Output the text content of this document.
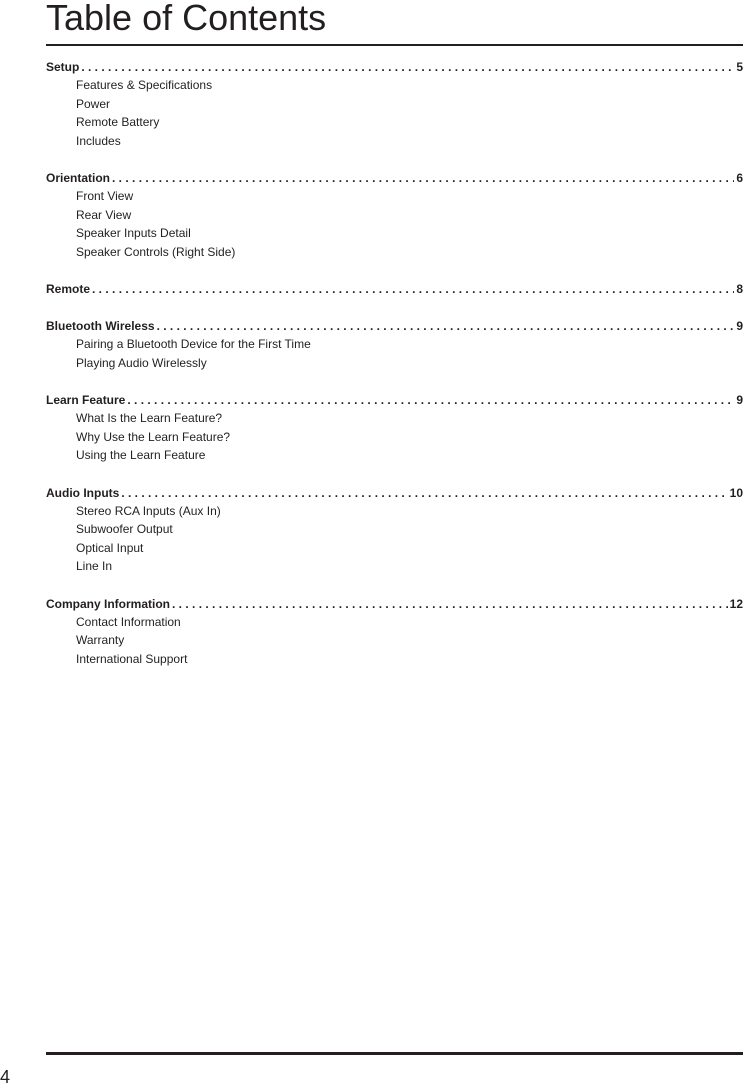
Table of Contents
Setup . . .	5
Features & Specifications
Power
Remote Battery
Includes
Orientation . . .	6
Front View
Rear View
Speaker Inputs Detail
Speaker Controls (Right Side)
Remote . . .	8
Bluetooth Wireless . . .	9
Pairing a Bluetooth Device for the First Time
Playing Audio Wirelessly
Learn Feature . . .	9
What Is the Learn Feature?
Why Use the Learn Feature?
Using the Learn Feature
Audio Inputs . . .	10
Stereo RCA Inputs (Aux In)
Subwoofer Output
Optical Input
Line In
Company Information . . .	12
Contact Information
Warranty
International Support
4
